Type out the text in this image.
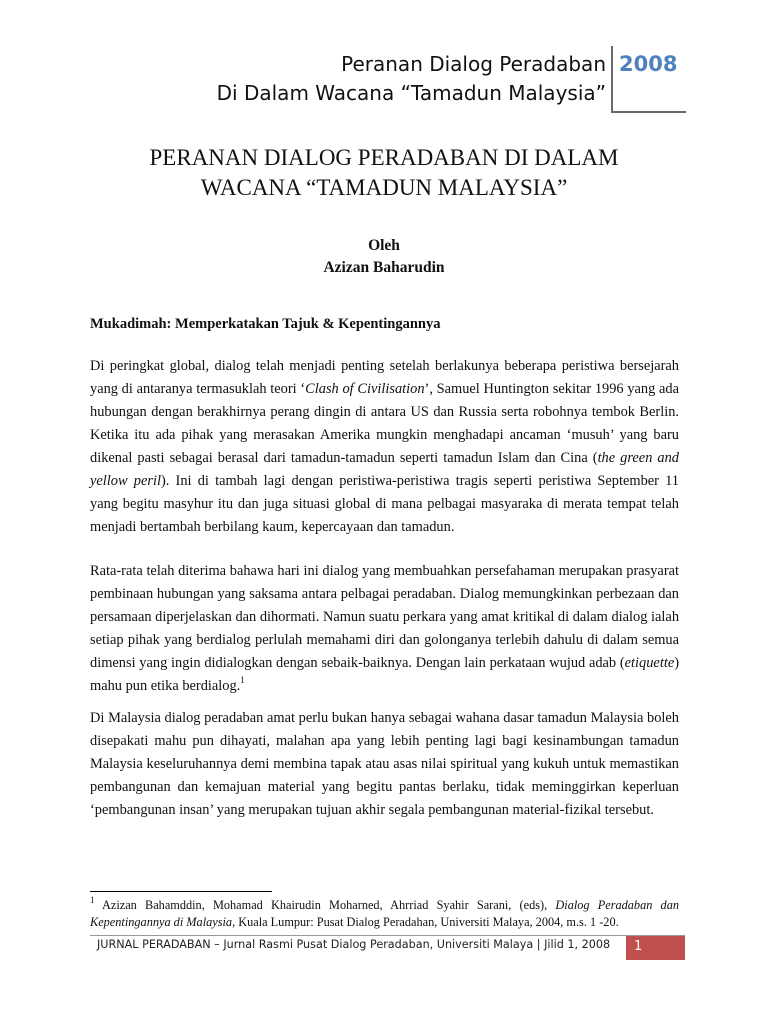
Peranan Dialog Peradaban
Di Dalam Wacana “Tamadun Malaysia”
2008
PERANAN DIALOG PERADABAN DI DALAM
WACANA “TAMADUN MALAYSIA”
Oleh
Azizan Baharudin
Mukadimah: Memperkatakan Tajuk & Kepentingannya

Di peringkat global, dialog telah menjadi penting setelah berlakunya beberapa peristiwa bersejarah yang di antaranya termasuklah teori ‘Clash of Civilisation’, Samuel Huntington sekitar 1996 yang ada hubungan dengan berakhirnya perang dingin di antara US dan Russia serta robohnya tembok Berlin. Ketika itu ada pihak yang merasakan Amerika mungkin menghadapi ancaman ‘musuh’ yang baru dikenal pasti sebagai berasal dari tamadun-tamadun seperti tamadun Islam dan Cina (the green and yellow peril). Ini di tambah lagi dengan peristiwa-peristiwa tragis seperti peristiwa September 11 yang begitu masyhur itu dan juga situasi global di mana pelbagai masyaraka di merata tempat telah menjadi bertambah berbilang kaum, kepercayaan dan tamadun.

Rata-rata telah diterima bahawa hari ini dialog yang membuahkan persefahaman merupakan prasyarat pembinaan hubungan yang saksama antara pelbagai peradaban. Dialog memungkinkan perbezaan dan persamaan diperjelaskan dan dihormati. Namun suatu perkara yang amat kritikal di dalam dialog ialah setiap pihak yang berdialog perlulah memahami diri dan golonganya terlebih dahulu di dalam semua dimensi yang ingin didialogkan dengan sebaik-baiknya. Dengan lain perkataan wujud adab (etiquette) mahu pun etika berdialog.$^1$

Di Malaysia dialog peradaban amat perlu bukan hanya sebagai wahana dasar tamadun Malaysia boleh disepakati mahu pun dihayati, malahan apa yang lebih penting lagi bagi kesinambungan tamadun Malaysia keseluruhannya demi membina tapak atau asas nilai spiritual yang kukuh untuk memastikan pembangunan dan kemajuan material yang begitu pantas berlaku, tidak meminggirkan keperluan ‘pembangunan insan’ yang merupakan tujuan akhir segala pembangunan material-fizikal tersebut.

$^1$ Azizan Bahamddin, Mohamad Khairudin Moharned, Ahrriad Syahir Sarani, (eds), Dialog Peradaban dan Kepentingannya di Malaysia, Kuala Lumpur: Pusat Dialog Peradahan, Universiti Malaya, 2004, m.s. 1 -20.

JURNAL PERADABAN – Jurnal Rasmi Pusat Dialog Peradaban, Universiti Malaya | Jilid 1, 2008 1
